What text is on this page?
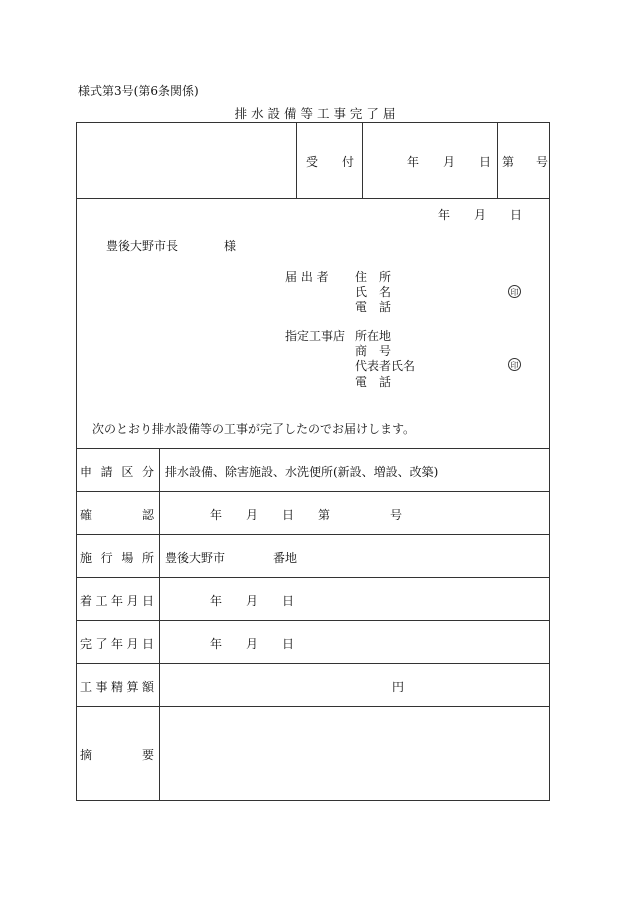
様式第3号(第6条関係)
排 水 設 備 等 工 事 完 了 届
受　　付	年　　月　　日 第 号
年　　月　　日
豊後大野市長	様
届 出 者 住　所
氏　名
電　話
印
指定工事店 所在地
商　号
代表者氏名
電　話
印
次のとおり排水設備等の工事が完了したのでお届けします。
申請区分 排水設備、除害施設、水洗便所(新設、増設、改築)
確認	年　　月　　日　　第　　　　　号
施行場所 豊後大野市　　　　番地
着工年月日	年　　月　　日
完了年月日	年　　月　　日
工事精算額	円
摘要
